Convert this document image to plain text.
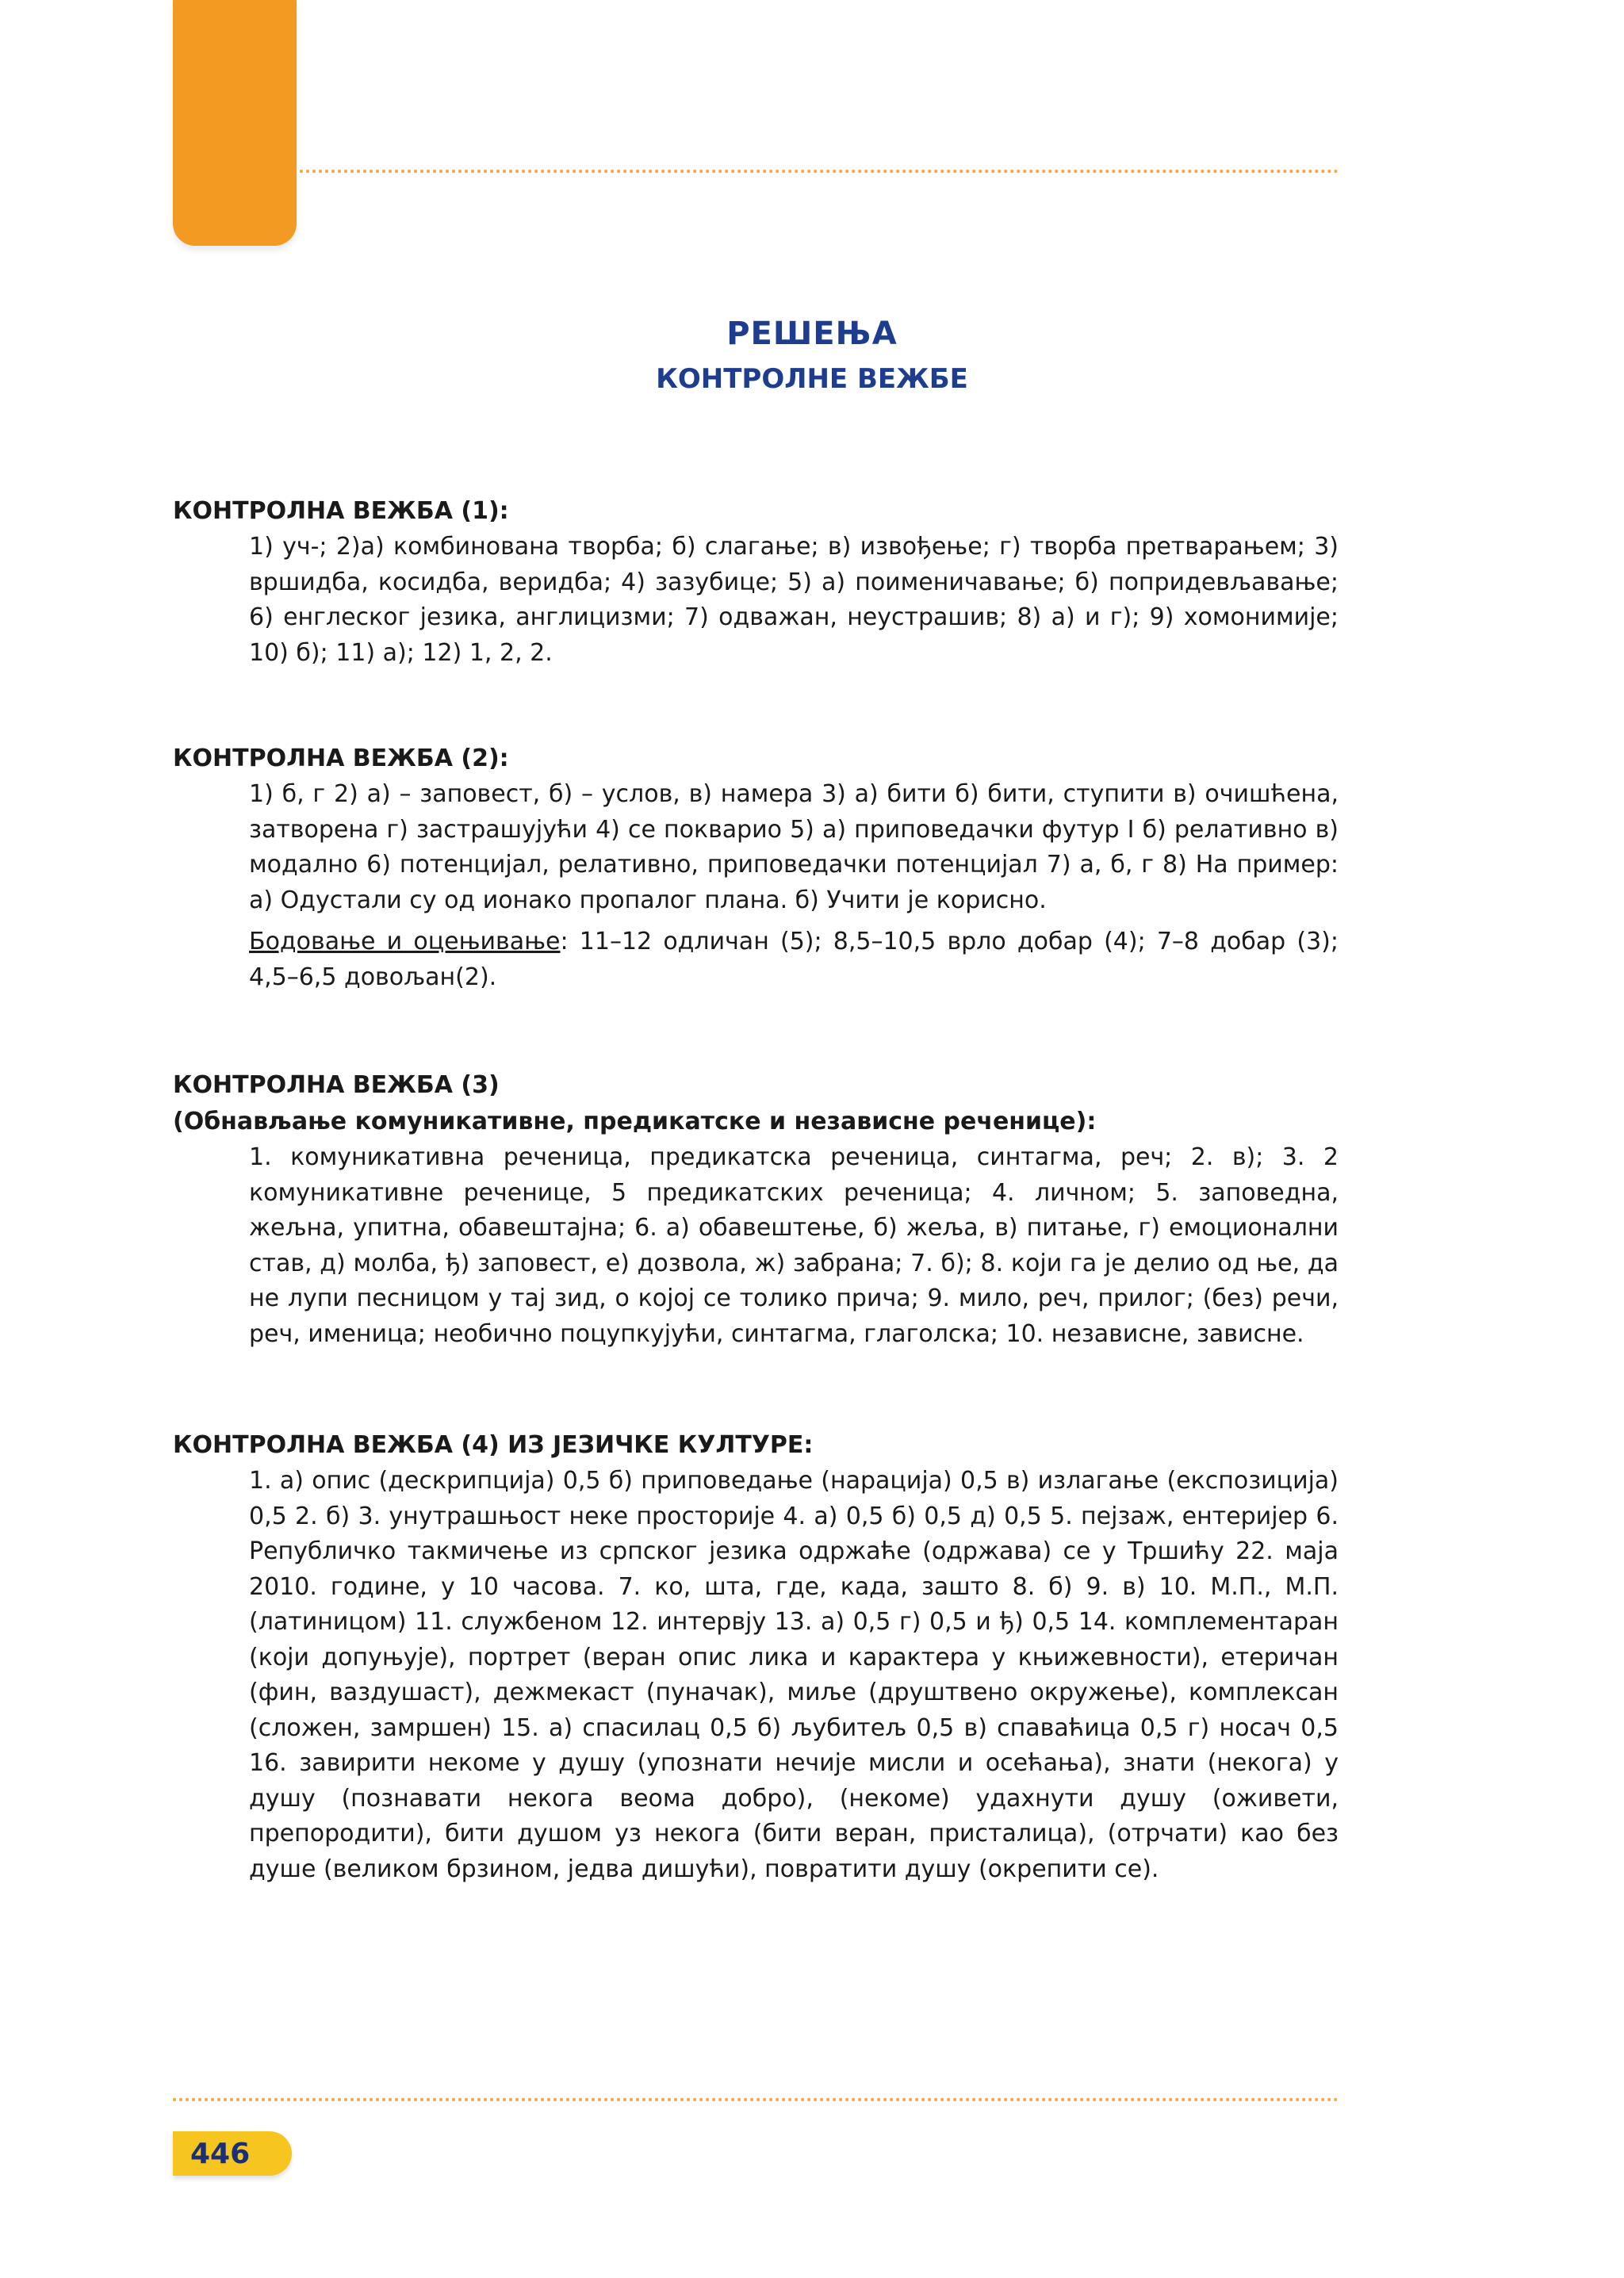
РЕШЕЊА
КОНТРОЛНЕ ВЕЖБЕ

КОНТРОЛНА ВЕЖБА (1):

1) уч-; 2)а) комбинована творба; б) слагање; в) извођење; г) творба претварањем; 3) вршидба, косидба, веридба; 4) зазубице; 5) а) поименичавање; б) попридевљавање; 6) енглеског језика, англицизми; 7) одважан, неустрашив; 8) а) и г); 9) хомонимије; 10) б); 11) а); 12) 1, 2, 2.

КОНТРОЛНА ВЕЖБА (2):

1) б, г 2) а) – заповест, б) – услов, в) намера 3) а) бити б) бити, ступити в) очишћена, затворена г) застрашујући 4) се покварио 5) а) приповедачки футур I б) релативно в) модално 6) потенцијал, релативно, приповедачки потенцијал 7) а, б, г 8) На пример: а) Одустали су од ионако пропалог плана. б) Учити је корисно.

Бодовање и оцењивање: 11–12 одличан (5); 8,5–10,5 врло добар (4); 7–8 добар (3); 4,5–6,5 довољан(2).

КОНТРОЛНА ВЕЖБА (3)

(Обнављање комуникативне, предикатске и независне реченице):

1. комуникативна реченица, предикатска реченица, синтагма, реч; 2. в); 3. 2 комуникативне реченице, 5 предикатских реченица; 4. личном; 5. заповедна, жељна, упитна, обавештајна; 6. а) обавештење, б) жеља, в) питање, г) емоционални став, д) молба, ђ) заповест, е) дозвола, ж) забрана; 7. б); 8. који га је делио од ње, да не лупи песницом у тај зид, о којој се толико прича; 9. мило, реч, прилог; (без) речи, реч, именица; необично поцупкујући, синтагма, глаголска; 10. независне, зависне.

КОНТРОЛНА ВЕЖБА (4) ИЗ ЈЕЗИЧКЕ КУЛТУРЕ:

1. а) опис (дескрипција) 0,5 б) приповедање (нарација) 0,5 в) излагање (експозиција) 0,5 2. б) 3. унутрашњост неке просторије 4. а) 0,5 б) 0,5 д) 0,5 5. пејзаж, ентеријер 6. Републичко такмичење из српског језика одржаће (одржава) се у Тршићу 22. маја 2010. године, у 10 часова. 7. ко, шта, где, када, зашто 8. б) 9. в) 10. М.П., М.П. (латиницом) 11. службеном 12. интервју 13. а) 0,5 г) 0,5 и ђ) 0,5 14. комплементаран (који допуњује), портрет (веран опис лика и карактера у књижевности), етеричан (фин, ваздушаст), дежмекаст (пуначак), миље (друштвено окружење), комплексан (сложен, замршен) 15. а) спасилац 0,5 б) љубитељ 0,5 в) спаваћица 0,5 г) носач 0,5 16. завирити некоме у душу (упознати нечије мисли и осећања), знати (некога) у душу (познавати некога веома добро), (некоме) удахнути душу (оживети, препородити), бити душом уз некога (бити веран, присталица), (отрчати) као без душе (великом брзином, једва дишући), повратити душу (окрепити се).

446
